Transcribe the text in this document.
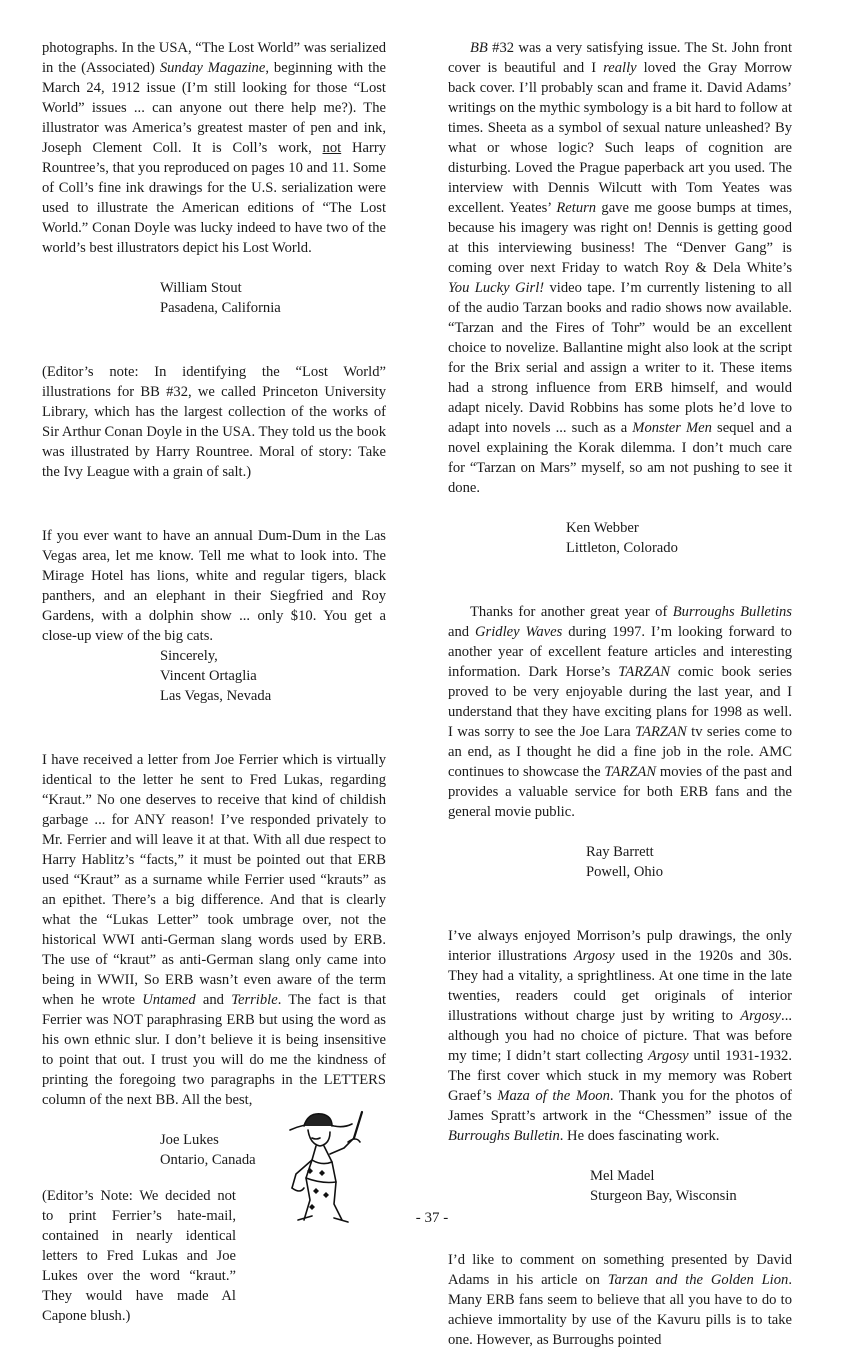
photographs. In the USA, “The Lost World” was serialized in the (Associated) Sunday Magazine, beginning with the March 24, 1912 issue (I’m still looking for those “Lost World” issues ... can anyone out there help me?). The illustrator was America’s greatest master of pen and ink, Joseph Clement Coll. It is Coll’s work, not Harry Rountree’s, that you reproduced on pages 10 and 11. Some of Coll’s fine ink drawings for the U.S. serialization were used to illustrate the American editions of “The Lost World.” Conan Doyle was lucky indeed to have two of the world’s best illustrators depict his Lost World.

William Stout
Pasadena, California

(Editor’s note: In identifying the “Lost World” illustrations for BB #32, we called Princeton University Library, which has the largest collection of the works of Sir Arthur Conan Doyle in the USA. They told us the book was illustrated by Harry Rountree. Moral of story: Take the Ivy League with a grain of salt.)

If you ever want to have an annual Dum-Dum in the Las Vegas area, let me know. Tell me what to look into. The Mirage Hotel has lions, white and regular tigers, black panthers, and an elephant in their Siegfried and Roy Gardens, with a dolphin show ... only $10. You get a close-up view of the big cats.

Sincerely,
Vincent Ortaglia
Las Vegas, Nevada

I have received a letter from Joe Ferrier which is virtually identical to the letter he sent to Fred Lukas, regarding “Kraut.” No one deserves to receive that kind of childish garbage ... for ANY reason! I’ve responded privately to Mr. Ferrier and will leave it at that. With all due respect to Harry Hablitz’s “facts,” it must be pointed out that ERB used “Kraut” as a surname while Ferrier used “krauts” as an epithet. There’s a big difference. And that is clearly what the “Lukas Letter” took umbrage over, not the historical WWI anti-German slang words used by ERB. The use of “kraut” as anti-German slang only came into being in WWII, So ERB wasn’t even aware of the term when he wrote Untamed and Terrible. The fact is that Ferrier was NOT paraphrasing ERB but using the word as his own ethnic slur. I don’t believe it is being insensitive to point that out. I trust you will do me the kindness of printing the foregoing two paragraphs in the LETTERS column of the next BB. All the best,

Joe Lukes
Ontario, Canada

(Editor’s Note: We decided not to print Ferrier’s hate-mail, contained in nearly identical letters to Fred Lukas and Joe Lukes over the word “kraut.” They would have made Al Capone blush.)

BB #32 was a very satisfying issue. The St. John front cover is beautiful and I really loved the Gray Morrow back cover. I’ll probably scan and frame it. David Adams’ writings on the mythic symbology is a bit hard to follow at times. Sheeta as a symbol of sexual nature unleashed? By what or whose logic? Such leaps of cognition are disturbing. Loved the Prague paperback art you used. The interview with Dennis Wilcutt with Tom Yeates was excellent. Yeates’ Return gave me goose bumps at times, because his imagery was right on! Dennis is getting good at this interviewing business! The “Denver Gang” is coming over next Friday to watch Roy & Dela White’s You Lucky Girl! video tape. I’m currently listening to all of the audio Tarzan books and radio shows now available. “Tarzan and the Fires of Tohr” would be an excellent choice to novelize. Ballantine might also look at the script for the Brix serial and assign a writer to it. These items had a strong influence from ERB himself, and would adapt nicely. David Robbins has some plots he’d love to adapt into novels ... such as a Monster Men sequel and a novel explaining the Korak dilemma. I don’t much care for “Tarzan on Mars” myself, so am not pushing to see it done.

Ken Webber
Littleton, Colorado

Thanks for another great year of Burroughs Bulletins and Gridley Waves during 1997. I’m looking forward to another year of excellent feature articles and interesting information. Dark Horse’s TARZAN comic book series proved to be very enjoyable during the last year, and I understand that they have exciting plans for 1998 as well. I was sorry to see the Joe Lara TARZAN tv series come to an end, as I thought he did a fine job in the role. AMC continues to showcase the TARZAN movies of the past and provides a valuable service for both ERB fans and the general movie public.

Ray Barrett
Powell, Ohio

I’ve always enjoyed Morrison’s pulp drawings, the only interior illustrations Argosy used in the 1920s and 30s. They had a vitality, a sprightliness. At one time in the late twenties, readers could get originals of interior illustrations without charge just by writing to Argosy... although you had no choice of picture. That was before my time; I didn’t start collecting Argosy until 1931-1932. The first cover which stuck in my memory was Robert Graef’s Maza of the Moon. Thank you for the photos of James Spratt’s artwork in the “Chessmen” issue of the Burroughs Bulletin. He does fascinating work.

Mel Madel
Sturgeon Bay, Wisconsin

I’d like to comment on something presented by David Adams in his article on Tarzan and the Golden Lion. Many ERB fans seem to believe that all you have to do to achieve immortality by use of the Kavuru pills is to take one. However, as Burroughs pointed

- 37 -
